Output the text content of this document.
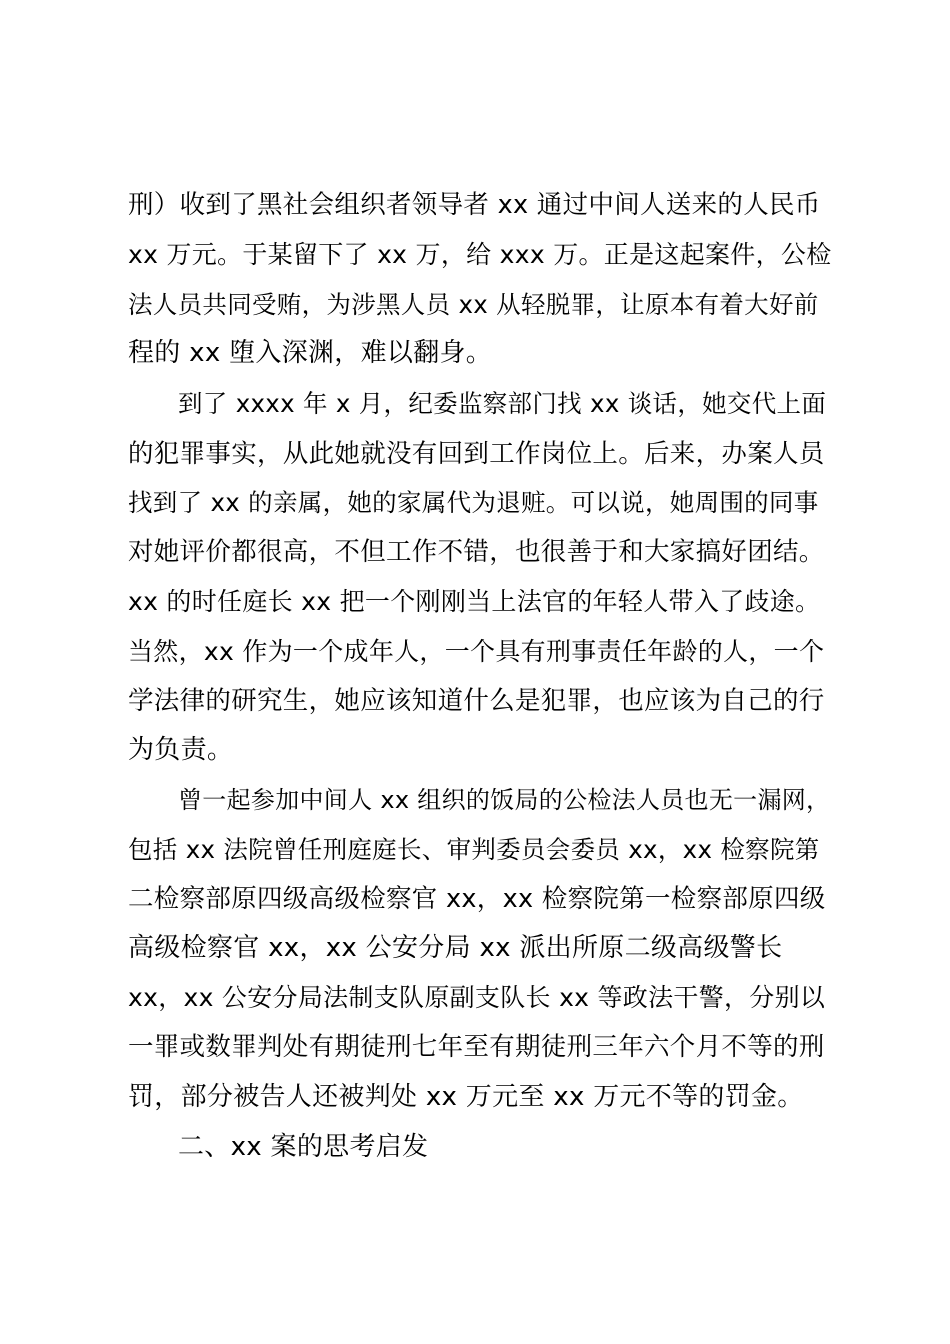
刑）收到了黑社会组织者领导者 xx 通过中间人送来的人民币
xx 万元。于某留下了 xx 万，给 xxx 万。正是这起案件，公检
法人员共同受贿，为涉黑人员 xx 从轻脱罪，让原本有着大好前
程的 xx 堕入深渊，难以翻身。
到了 xxxx 年 x 月，纪委监察部门找 xx 谈话，她交代上面
的犯罪事实，从此她就没有回到工作岗位上。后来，办案人员
找到了 xx 的亲属，她的家属代为退赃。可以说，她周围的同事
对她评价都很高，不但工作不错，也很善于和大家搞好团结。
xx 的时任庭长 xx 把一个刚刚当上法官的年轻人带入了歧途。
当然，xx 作为一个成年人，一个具有刑事责任年龄的人，一个
学法律的研究生，她应该知道什么是犯罪，也应该为自己的行
为负责。
曾一起参加中间人 xx 组织的饭局的公检法人员也无一漏网，
包括 xx 法院曾任刑庭庭长、审判委员会委员 xx，xx 检察院第
二检察部原四级高级检察官 xx，xx 检察院第一检察部原四级
高级检察官 xx，xx 公安分局 xx 派出所原二级高级警长
xx，xx 公安分局法制支队原副支队长 xx 等政法干警，分别以
一罪或数罪判处有期徒刑七年至有期徒刑三年六个月不等的刑
罚，部分被告人还被判处 xx 万元至 xx 万元不等的罚金。
二、xx 案的思考启发
